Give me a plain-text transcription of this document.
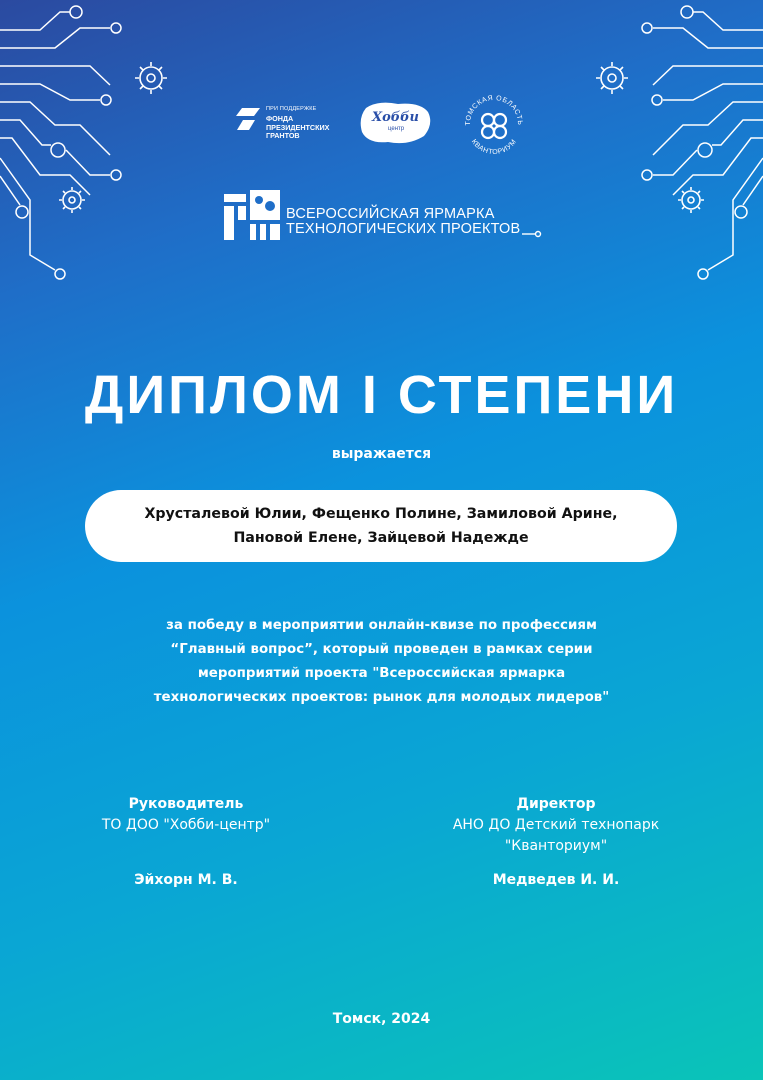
ПРИ ПОДДЕРЖКЕ
ФОНДА
ПРЕЗИДЕНТСКИХ
ГРАНТОВ
Хобби
центр
ТОМСКАЯ ОБЛАСТЬ
КВАНТОРИУМ
ВСЕРОССИЙСКАЯ ЯРМАРКА
ТЕХНОЛОГИЧЕСКИХ ПРОЕКТОВ
ДИПЛОМ I СТЕПЕНИ
выражается
Хрусталевой Юлии, Фещенко Полине, Замиловой Арине,
Пановой Елене, Зайцевой Надежде
за победу в мероприятии онлайн-квизе по профессиям
“Главный вопрос”, который проведен в рамках серии
мероприятий проекта "Всероссийская ярмарка
технологических проектов: рынок для молодых лидеров"
Руководитель
ТО ДОО "Хобби-центр"
Эйхорн М. В.
Директор
АНО ДО Детский технопарк
"Кванториум"
Медведев И. И.
Томск, 2024
